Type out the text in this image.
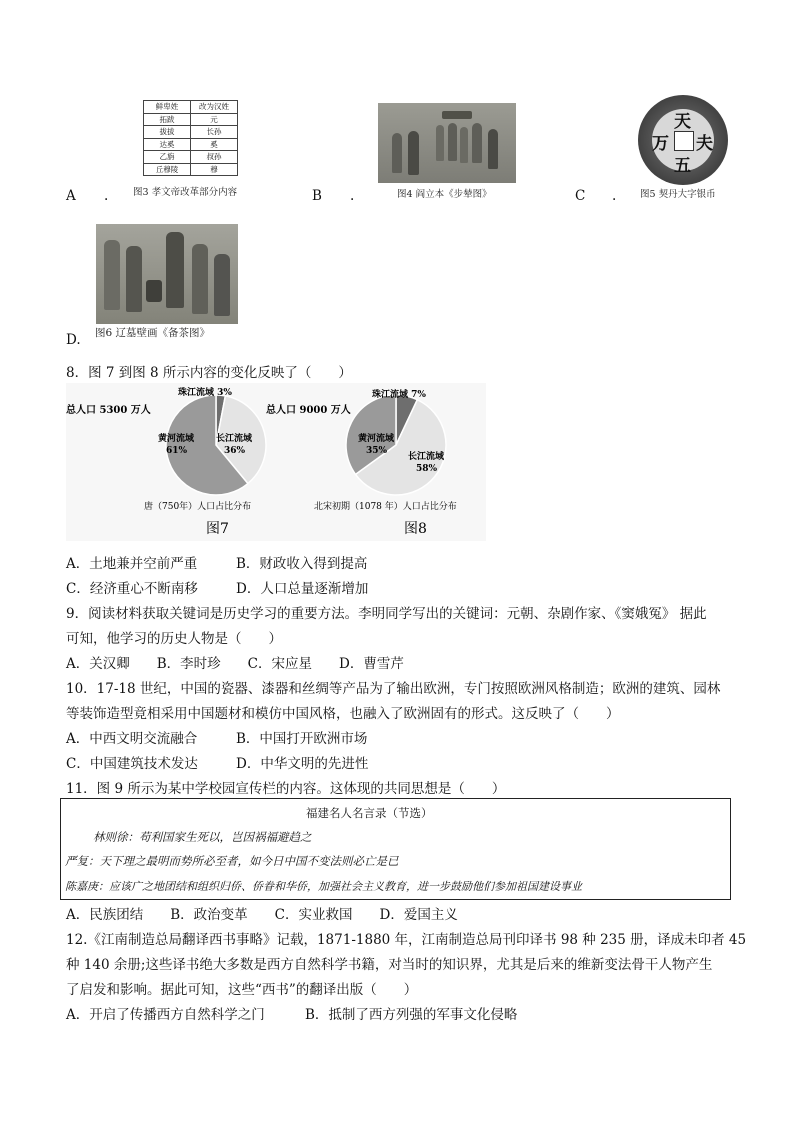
鲜卑姓	改为汉姓
拓跋	元
拔拔	长孙
达奚	奚
乙旃	叔孙
丘穆陵	穆
图3 孝文帝改革部分内容
A .	图4 阎立本《步辇图》
B .
天
夫
万
五
图5 契丹大字银币
C .
图6 辽墓壁画《备茶图》
D.
8．图 7 到图 8 所示内容的变化反映了（　　）
珠江流域 3%
长江流域
36%
黄河流域
61%
珠江流域 7%
长江流域
58%
黄河流域
35%
总人口 5300 万人	总人口 9000 万人
唐（750年）人口占比分布	北宋初期（1078 年）人口占比分布
图7	图8
A．土地兼并空前严重	B．财政收入得到提高
C．经济重心不断南移	D．人口总量逐渐增加
9．阅读材料获取关键词是历史学习的重要方法。李明同学写出的关键词：元朝、杂剧作家、《窦娥冤》 据此
可知，他学习的历史人物是（　　）
A．关汉卿　　B．李时珍　　C．宋应星　　D．曹雪芹
10．17-18 世纪，中国的瓷器、漆器和丝绸等产品为了输出欧洲，专门按照欧洲风格制造；欧洲的建筑、园林
等装饰造型竟相采用中国题材和模仿中国风格，也融入了欧洲固有的形式。这反映了（　　）
A．中西文明交流融合	B．中国打开欧洲市场
C．中国建筑技术发达	D．中华文明的先进性
11．图 9 所示为某中学校园宣传栏的内容。这体现的共同思想是（　　）
福建名人名言录（节选）
林则徐：苟利国家生死以，岂因祸福避趋之
严复：天下理之最明而势所必至者，如今日中国不变法则必亡是已
陈嘉庚：应该广之地团结和组织归侨、侨眷和华侨，加强社会主义教育，进一步鼓励他们参加祖国建设事业
A．民族团结　　B．政治变革　　C．实业救国　　D．爱国主义
12.《江南制造总局翻译西书事略》记载，1871-1880 年，江南制造总局刊印译书 98 种 235 册，译成未印者 45
种 140 余册;这些译书绝大多数是西方自然科学书籍，对当时的知识界，尤其是后来的维新变法骨干人物产生
了启发和影响。据此可知，这些“西书”的翻译出版（　　）
A．开启了传播西方自然科学之门	B．抵制了西方列强的军事文化侵略
